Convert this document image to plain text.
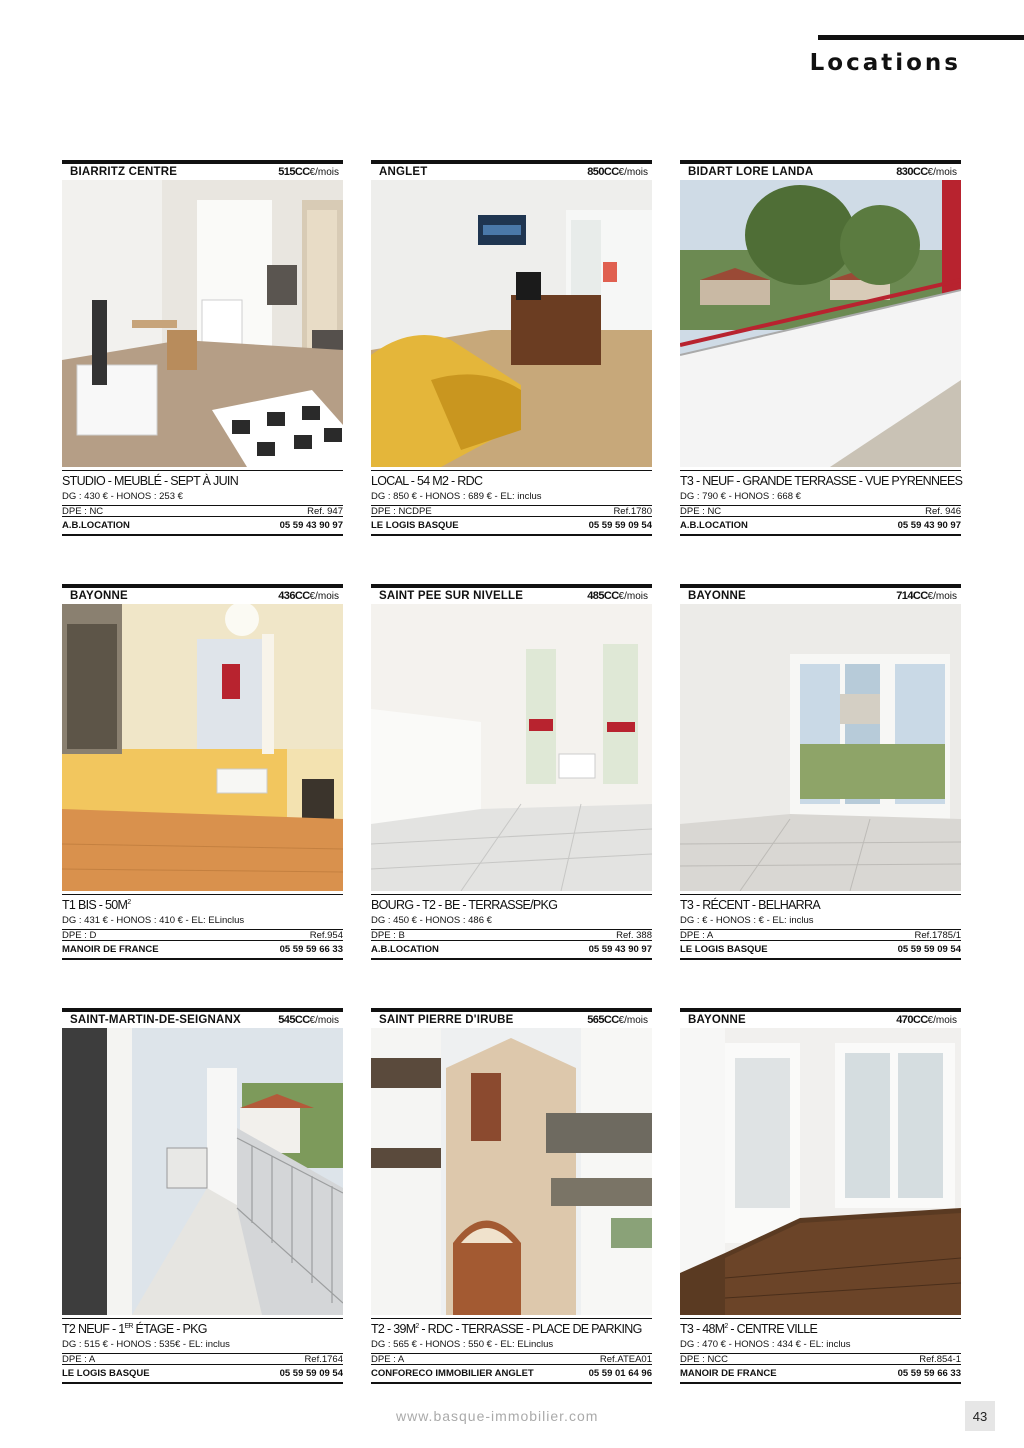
Locations
BIARRITZ CENTRE	515CC€/mois
STUDIO - MEUBLÉ - SEPT À JUIN
DG : 430 € - HONOS : 253 €
DPE : NC	Ref. 947
A.B.LOCATION	05 59 43 90 97
ANGLET	850CC€/mois
LOCAL - 54 M2 - RDC
DG : 850 € - HONOS : 689 € - EL: inclus
DPE : NCDPE	Ref.1780
LE LOGIS BASQUE	05 59 59 09 54
BIDART LORE LANDA	830CC€/mois
T3 - NEUF - GRANDE TERRASSE - VUE PYRENNEES
DG : 790 € - HONOS : 668 €
DPE : NC	Ref. 946
A.B.LOCATION	05 59 43 90 97
BAYONNE	436CC€/mois
T1 BIS - $50M^2$
DG : 431 € - HONOS : 410 € - EL: ELinclus
DPE : D	Ref.954
MANOIR DE FRANCE	05 59 59 66 33
SAINT PEE SUR NIVELLE	485CC€/mois
BOURG - T2 - BE - TERRASSE/PKG
DG : 450 € - HONOS : 486 €
DPE : B	Ref. 388
A.B.LOCATION	05 59 43 90 97
BAYONNE	714CC€/mois
T3 - RÉCENT - BELHARRA
DG : € - HONOS : € - EL: inclus
DPE : A	Ref.1785/1
LE LOGIS BASQUE	05 59 59 09 54
SAINT-MARTIN-DE-SEIGNANX	545CC€/mois
T2 NEUF - 1ER ÉTAGE - PKG
DG : 515 € - HONOS : 535€ - EL: inclus
DPE : A	Ref.1764
LE LOGIS BASQUE	05 59 59 09 54
SAINT PIERRE D'IRUBE	565CC€/mois
$T2 - 39M^2$ - RDC - TERRASSE - PLACE DE PARKING
DG : 565 € - HONOS : 550 € - EL: ELinclus
DPE : A	Ref.ATEA01
CONFORECO IMMOBILIER ANGLET	05 59 01 64 96
BAYONNE	470CC€/mois
$T3 - 48M^2$ - CENTRE VILLE
DG : 470 € - HONOS : 434 € - EL: inclus
DPE : NCC	Ref.854-1
MANOIR DE FRANCE	05 59 59 66 33
www.basque-immobilier.com	43
